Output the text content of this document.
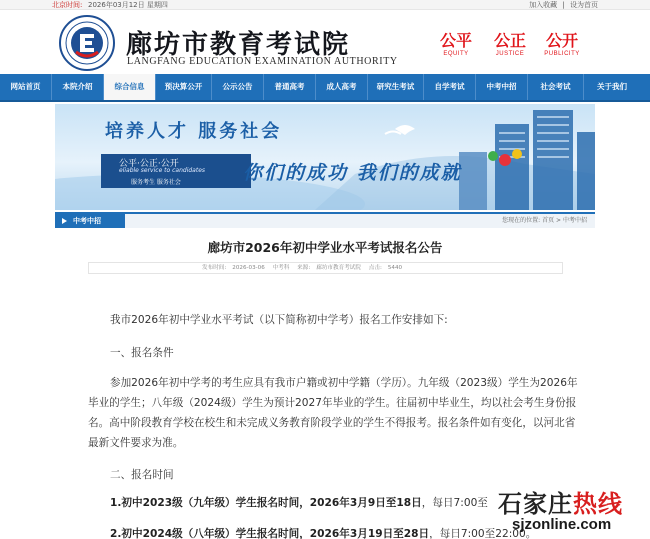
北京时间: 2026年03月12日 星期四	加入收藏 | 设为首页
廊坊市教育考试院
LANGFANG EDUCATION EXAMINATION AUTHORITY
公平
EQUITY
公正
JUSTICE
公开
PUBLICITY
网站首页	本院介绍	综合信息	预决算公开	公示公告	普通高考	成人高考	研究生考试	自学考试	中考中招	社会考试	关于我们
培养人才 服务社会
公平·公正·公开
eliable service to candidates
服务考生 服务社会	你们的成功 我们的成就
中考中招	您现在的位置: 首页 > 中考中招
廊坊市2026年初中学业水平考试报名公告
发布时间: 2026-03-06 中考科 来源: 廊坊市教育考试院 点击: 5440
我市2026年初中学业水平考试（以下简称初中学考）报名工作安排如下:
一、报名条件
参加2026年初中学考的考生应具有我市户籍或初中学籍（学历）。九年级（2023级）学生为2026年毕业的学生；八年级（2024级）学生为预计2027年毕业的学生。往届初中毕业生，均以社会考生身份报名。高中阶段教育学校在校生和未完成义务教育阶段学业的学生不得报考。报名条件如有变化，以河北省最新文件要求为准。
二、报名时间
1.初中2023级（九年级）学生报名时间，2026年3月9日至18日，每日7:00至
2.初中2024级（八年级）学生报名时间，2026年3月19日至28日，每日7:00至22:00。
石家庄热线
sjzonline.com
